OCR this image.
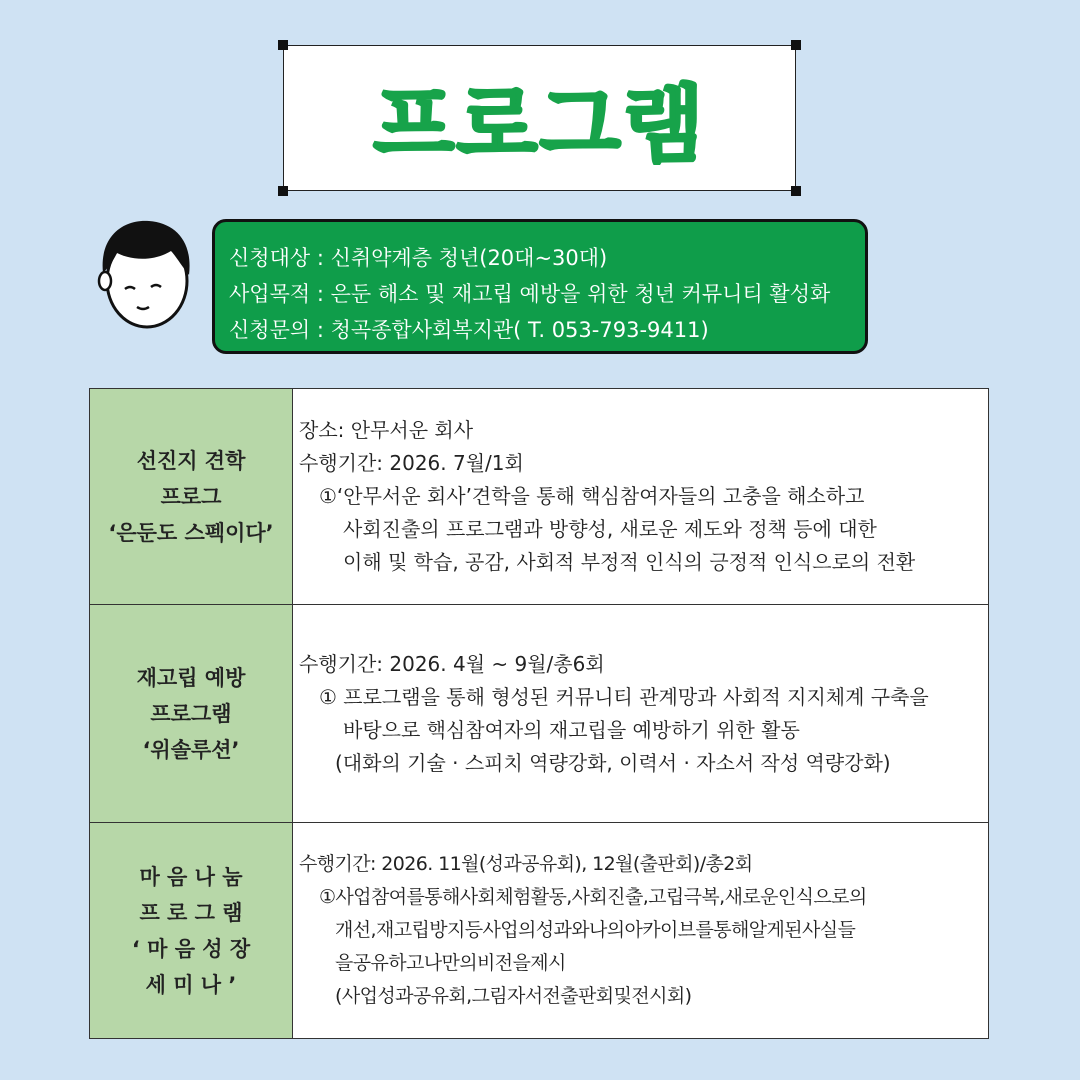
프로그램
신청대상 : 신취약계층 청년(20대~30대)
사업목적 : 은둔 해소 및 재고립 예방을 위한 청년 커뮤니티 활성화
신청문의 : 청곡종합사회복지관( T. 053-793-9411)
선진지 견학
프로그
‘은둔도 스펙이다’	장소: 안무서운 회사
수행기간: 2026. 7월/1회
①‘안무서운 회사’견학을 통해 핵심참여자들의 고충을 해소하고
사회진출의 프로그램과 방향성, 새로운 제도와 정책 등에 대한
이해 및 학습, 공감, 사회적 부정적 인식의 긍정적 인식으로의 전환

재고립 예방
프로그램
‘위솔루션’	수행기간: 2026. 4월 ~ 9월/총6회
① 프로그램을 통해 형성된 커뮤니티 관계망과 사회적 지지체계 구축을
바탕으로 핵심참여자의 재고립을 예방하기 위한 활동
(대화의 기술 · 스피치 역량강화, 이력서 · 자소서 작성 역량강화)

마 음 나 눔
프 로 그 램
‘ 마 음 성 장
세 미 나 ’	수행기간: 2026. 11월(성과공유회), 12월(출판회)/총2회
①사업참여를통해사회체험활동,사회진출,고립극복,새로운인식으로의
개선,재고립방지등사업의성과와나의아카이브를통해알게된사실들
을공유하고나만의비전을제시
(사업성과공유회,그림자서전출판회및전시회)
